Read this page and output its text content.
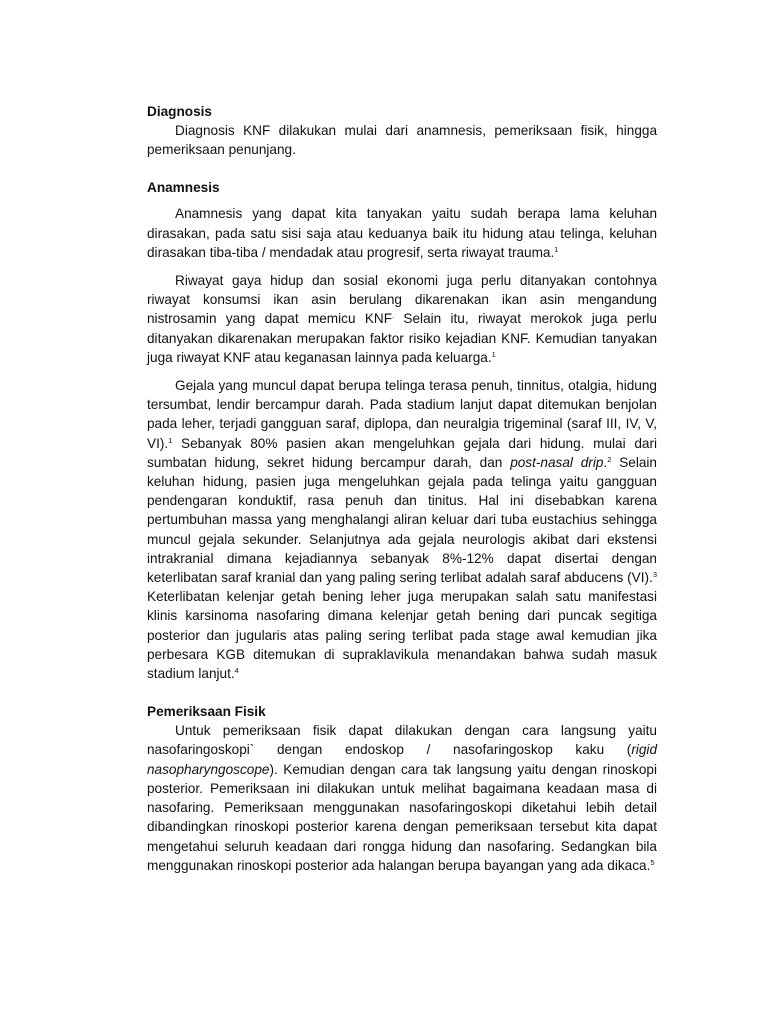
Diagnosis

Diagnosis KNF dilakukan mulai dari anamnesis, pemeriksaan fisik, hingga pemeriksaan penunjang.

Anamnesis

Anamnesis yang dapat kita tanyakan yaitu sudah berapa lama keluhan dirasakan, pada satu sisi saja atau keduanya baik itu hidung atau telinga, keluhan dirasakan tiba-tiba / mendadak atau progresif, serta riwayat trauma.$^1$

Riwayat gaya hidup dan sosial ekonomi juga perlu ditanyakan contohnya riwayat konsumsi ikan asin berulang dikarenakan ikan asin mengandung nistrosamin yang dapat memicu KNF. Selain itu, riwayat merokok juga perlu ditanyakan dikarenakan merupakan faktor risiko kejadian KNF. Kemudian tanyakan juga riwayat KNF atau keganasan lainnya pada keluarga.$^1$

Gejala yang muncul dapat berupa telinga terasa penuh, tinnitus, otalgia, hidung tersumbat, lendir bercampur darah. Pada stadium lanjut dapat ditemukan benjolan pada leher, terjadi gangguan saraf, diplopa, dan neuralgia trigeminal (saraf III, IV, V, VI).$^1$ Sebanyak 80% pasien akan mengeluhkan gejala dari hidung. mulai dari sumbatan hidung, sekret hidung bercampur darah, dan post-nasal drip.$^2$ Selain keluhan hidung, pasien juga mengeluhkan gejala pada telinga yaitu gangguan pendengaran konduktif, rasa penuh dan tinitus. Hal ini disebabkan karena pertumbuhan massa yang menghalangi aliran keluar dari tuba eustachius sehingga muncul gejala sekunder. Selanjutnya ada gejala neurologis akibat dari ekstensi intrakranial dimana kejadiannya sebanyak 8%-12% dapat disertai dengan keterlibatan saraf kranial dan yang paling sering terlibat adalah saraf abducens (VI).$^3$ Keterlibatan kelenjar getah bening leher juga merupakan salah satu manifestasi klinis karsinoma nasofaring dimana kelenjar getah bening dari puncak segitiga posterior dan jugularis atas paling sering terlibat pada stage awal kemudian jika perbesara KGB ditemukan di supraklavikula menandakan bahwa sudah masuk stadium lanjut.$^4$

Pemeriksaan Fisik

Untuk pemeriksaan fisik dapat dilakukan dengan cara langsung yaitu nasofaringoskopi` dengan endoskop / nasofaringoskop kaku (rigid nasopharyngoscope). Kemudian dengan cara tak langsung yaitu dengan rinoskopi posterior. Pemeriksaan ini dilakukan untuk melihat bagaimana keadaan masa di nasofaring. Pemeriksaan menggunakan nasofaringoskopi diketahui lebih detail dibandingkan rinoskopi posterior karena dengan pemeriksaan tersebut kita dapat mengetahui seluruh keadaan dari rongga hidung dan nasofaring. Sedangkan bila menggunakan rinoskopi posterior ada halangan berupa bayangan yang ada dikaca.$^5$
